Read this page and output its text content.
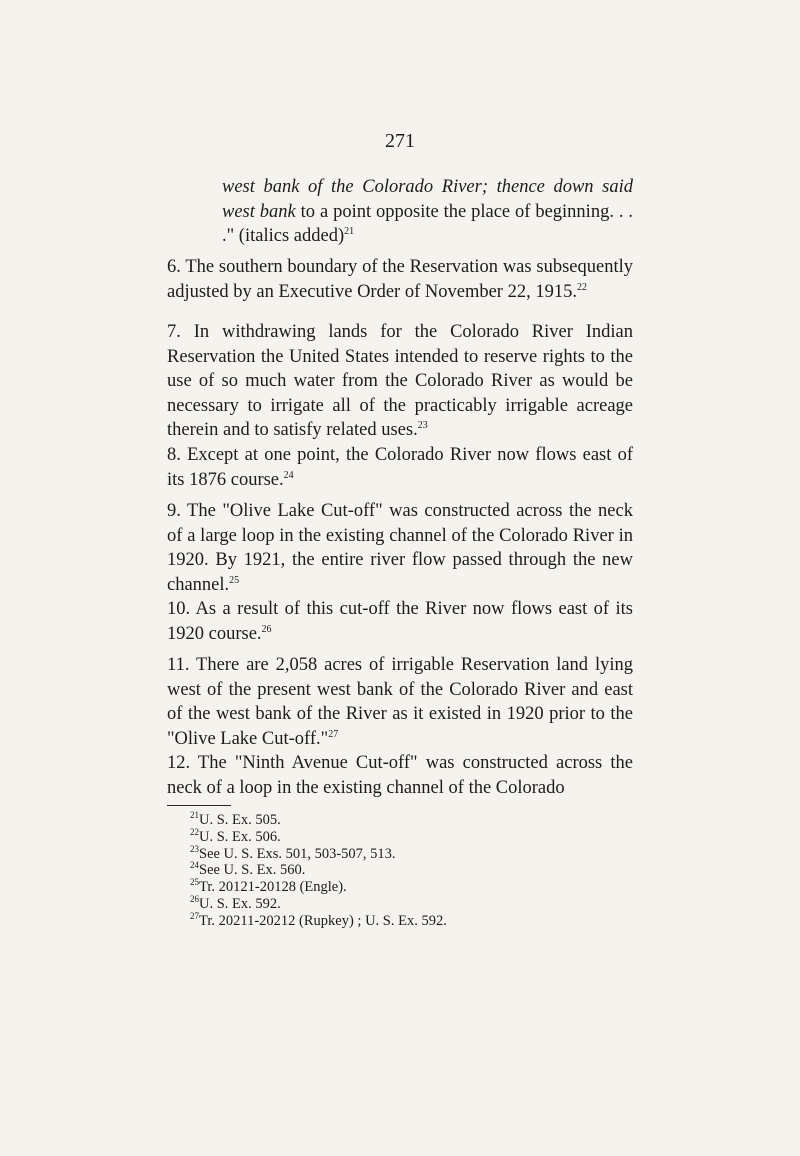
271
west bank of the Colorado River; thence down said west bank to a point opposite the place of beginning. . . ." (italics added)$^{21}$
6. The southern boundary of the Reservation was subsequently adjusted by an Executive Order of November 22, 1915.22
7. In withdrawing lands for the Colorado River Indian Reservation the United States intended to reserve rights to the use of so much water from the Colorado River as would be necessary to irrigate all of the practicably irrigable acreage therein and to satisfy related uses.$^{23}$
8. Except at one point, the Colorado River now flows east of its 1876 course.$^{24}$
9. The "Olive Lake Cut-off" was constructed across the neck of a large loop in the existing channel of the Colorado River in 1920. By 1921, the entire river flow passed through the new channel.$^{25}$
10. As a result of this cut-off the River now flows east of its 1920 course.$^{26}$
11. There are 2,058 acres of irrigable Reservation land lying west of the present west bank of the Colorado River and east of the west bank of the River as it existed in 1920 prior to the "Olive Lake Cut-off."$^{27}$
12. The "Ninth Avenue Cut-off" was constructed across the neck of a loop in the existing channel of the Colorado
$^{21}$U. S. Ex. 505.
$^{22}$U. S. Ex. 506.
$^{23}$See U. S. Exs. 501, 503-507, 513.
$^{24}$See U. S. Ex. 560.
$^{25}$Tr. 20121-20128 (Engle).
$^{26}$U. S. Ex. 592.
$^{27}$Tr. 20211-20212 (Rupkey) ; U. S. Ex. 592.
